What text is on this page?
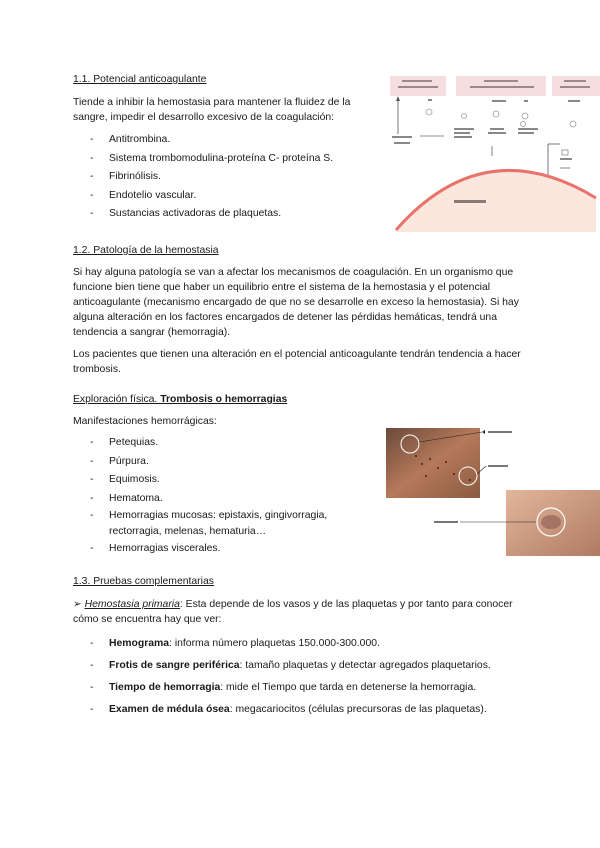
1.1. Potencial anticoagulante

Tiende a inhibir la hemostasia para mantener la fluidez de la sangre, impedir el desarrollo excesivo de la coagulación:

- Antitrombina.
- Sistema trombomodulina-proteína C- proteína S.
- Fibrinólisis.
- Endotelio vascular.
- Sustancias activadoras de plaquetas.
1.2. Patología de la hemostasia

Si hay alguna patología se van a afectar los mecanismos de coagulación. En un organismo que funcione bien tiene que haber un equilibrio entre el sistema de la hemostasia y el potencial anticoagulante (mecanismo encargado de que no se desarrolle en exceso la hemostasia). Si hay alguna alteración en los factores encargados de detener las pérdidas hemáticas, tendrá una tendencia a sangrar (hemorragia).

Los pacientes que tienen una alteración en el potencial anticoagulante tendrán tendencia a hacer trombosis.

Exploración física. Trombosis o hemorragias
Manifestaciones hemorrágicas:
- Petequias.
- Púrpura.
- Equimosis.
- Hematoma.
- Hemorragias mucosas: epistaxis, gingivorragia, rectorragia, melenas, hematuria…
- Hemorragias viscerales.
1.3. Pruebas complementarias

➢ Hemostasia primaria: Esta depende de los vasos y de las plaquetas y por tanto para conocer cómo se encuentra hay que ver:

- Hemograma: informa número plaquetas 150.000-300.000.
- Frotis de sangre periférica: tamaño plaquetas y detectar agregados plaquetarios.
- Tiempo de hemorragia: mide el Tiempo que tarda en detenerse la hemorragia.
- Examen de médula ósea: megacariocitos (células precursoras de las plaquetas).
